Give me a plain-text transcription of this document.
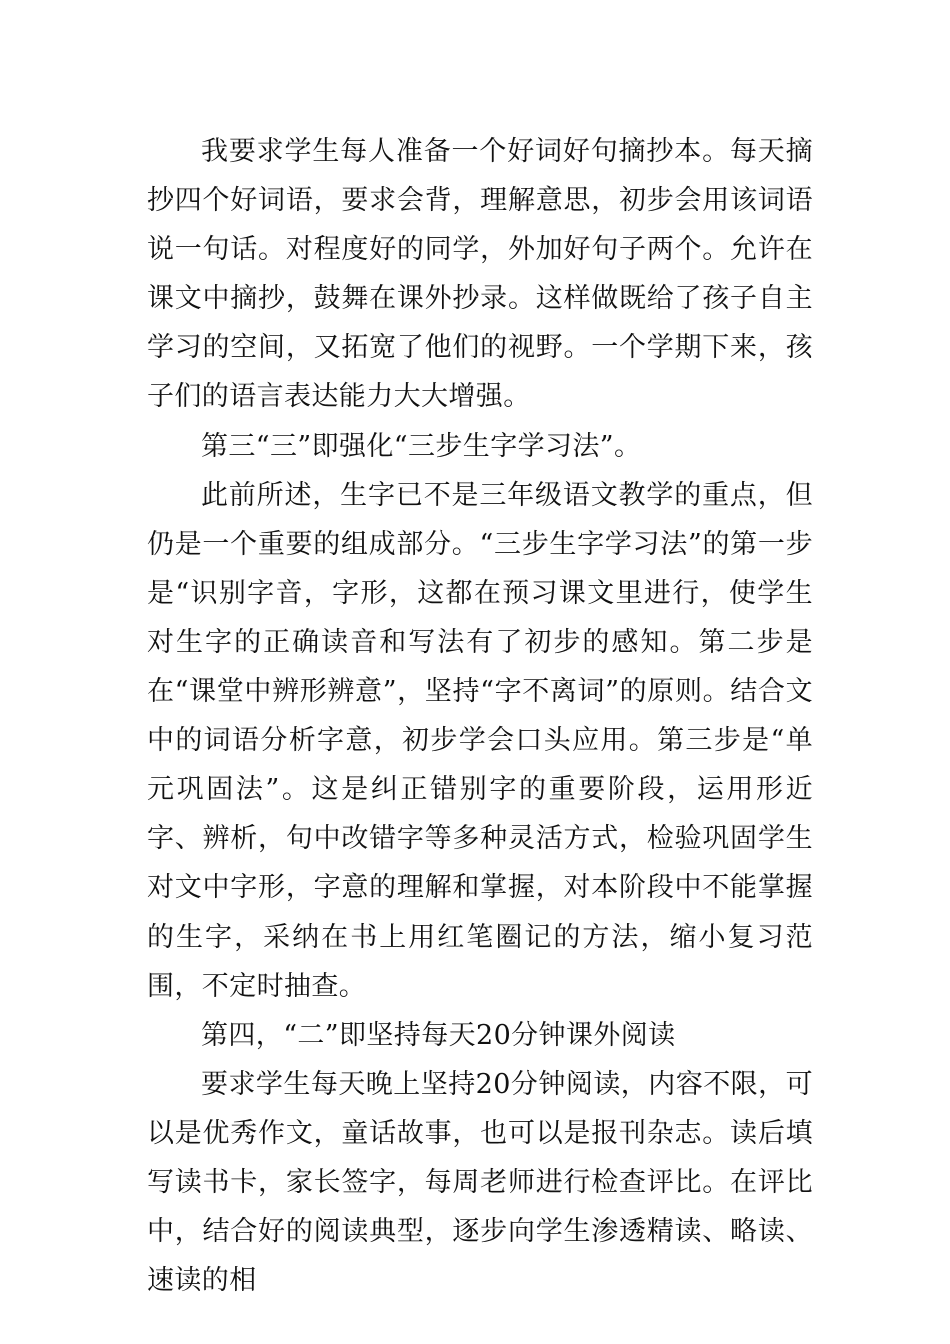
我要求学生每人准备一个好词好句摘抄本。每天摘抄四个好词语，要求会背，理解意思，初步会用该词语说一句话。对程度好的同学，外加好句子两个。允许在课文中摘抄，鼓舞在课外抄录。这样做既给了孩子自主学习的空间，又拓宽了他们的视野。一个学期下来，孩子们的语言表达能力大大增强。

第三“三”即强化“三步生字学习法”。

此前所述，生字已不是三年级语文教学的重点，但仍是一个重要的组成部分。“三步生字学习法”的第一步是“识别字音，字形，这都在预习课文里进行，使学生对生字的正确读音和写法有了初步的感知。第二步是在“课堂中辨形辨意”，坚持“字不离词”的原则。结合文中的词语分析字意，初步学会口头应用。第三步是“单元巩固法”。这是纠正错别字的重要阶段，运用形近字、辨析，句中改错字等多种灵活方式，检验巩固学生对文中字形，字意的理解和掌握，对本阶段中不能掌握的生字，采纳在书上用红笔圈记的方法，缩小复习范围，不定时抽查。

第四，“二”即坚持每天20分钟课外阅读

要求学生每天晚上坚持20分钟阅读，内容不限，可以是优秀作文，童话故事，也可以是报刊杂志。读后填写读书卡，家长签字，每周老师进行检查评比。在评比中，结合好的阅读典型，逐步向学生渗透精读、略读、速读的相
